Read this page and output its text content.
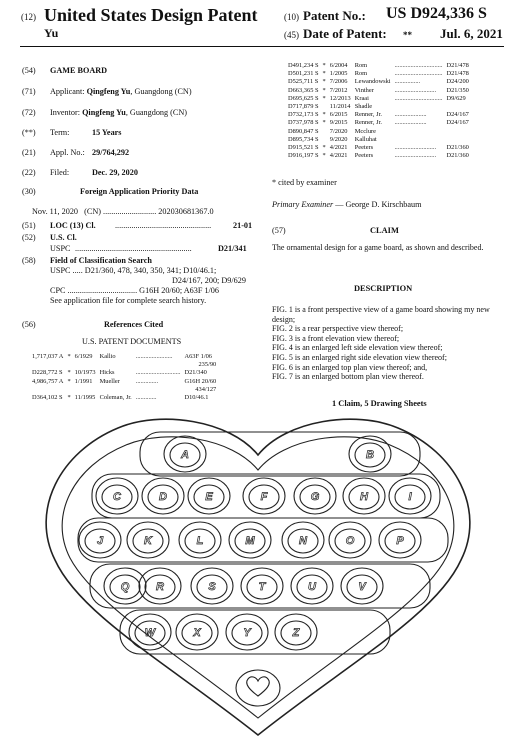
(12) United States Design Patent
Yu
(10) Patent No.: US D924,336 S
(45) Date of Patent: ** Jul. 6, 2021
(54) GAME BOARD
(71) Applicant: Qingfeng Yu, Guangdong (CN)
(72) Inventor: Qingfeng Yu, Guangdong (CN)
(**) Term:	15 Years
(21) Appl. No.: 29/764,292
(22) Filed:	Dec. 29, 2020
(30)	Foreign Application Priority Data
Nov. 11, 2020 (CN) .......................... 202030681367.0
(51) LOC (13) Cl. ...............................................	21-01
(52) U.S. Cl.
USPC .........................................................	D21/341
(58) Field of Classification Search
USPC ..... D21/360, 478, 340, 350, 341; D10/46.1;
D24/167, 200; D9/629
CPC .................................. G16H 20/60; A63F 1/06
See application file for complete search history.
(56)	References Cited
U.S. PATENT DOCUMENTS
1,717,037 A	*	6/1929	Kallio	.......................	A63F 1/06
					235/90
D228,772 S	*	10/1973	Hicks	............................	D21/340
4,986,757 A	*	1/1991	Mueller	..............	G16H 20/60
					434/127
D364,102 S	*	11/1995	Coleman, Jr.	.............	D10/46.1
D491,234 S	*	6/2004	Rom	..............................	D21/478
D501,231 S	*	1/2005	Rom	..............................	D21/478
D525,711 S	*	7/2006	Lewandowski	................	D24/200
D663,365 S	*	7/2012	Vinther	..........................	D21/350
D695,625 S	*	12/2013	Kraai	..............................	D9/629
D717,879 S		11/2014	Shadle		
D732,173 S	*	6/2015	Renner, Jr.	....................	D24/167
D737,978 S	*	9/2015	Renner, Jr.	....................	D24/167
D890,847 S		7/2020	Mcclure		
D895,734 S		9/2020	Kalluhat		
D915,521 S	*	4/2021	Peeters	..........................	D21/360
D916,197 S	*	4/2021	Peeters	..........................	D21/360
* cited by examiner
Primary Examiner — George D. Kirschbaum
(57)	CLAIM
The ornamental design for a game board, as shown and described.
DESCRIPTION
FIG. 1 is a front perspective view of a game board showing my new design;
FIG. 2 is a rear perspective view thereof;
FIG. 3 is a front elevation view thereof;
FIG. 4 is an enlarged left side elevation view thereof;
FIG. 5 is an enlarged right side elevation view thereof;
FIG. 6 is an enlarged top plan view thereof; and,
FIG. 7 is an enlarged bottom plan view thereof.
1 Claim, 5 Drawing Sheets
A	B
C	D	E	F	G	H	I
J	K	L	M	N	O	P
Q R	S	T	U	V
W	X	Y	Z
